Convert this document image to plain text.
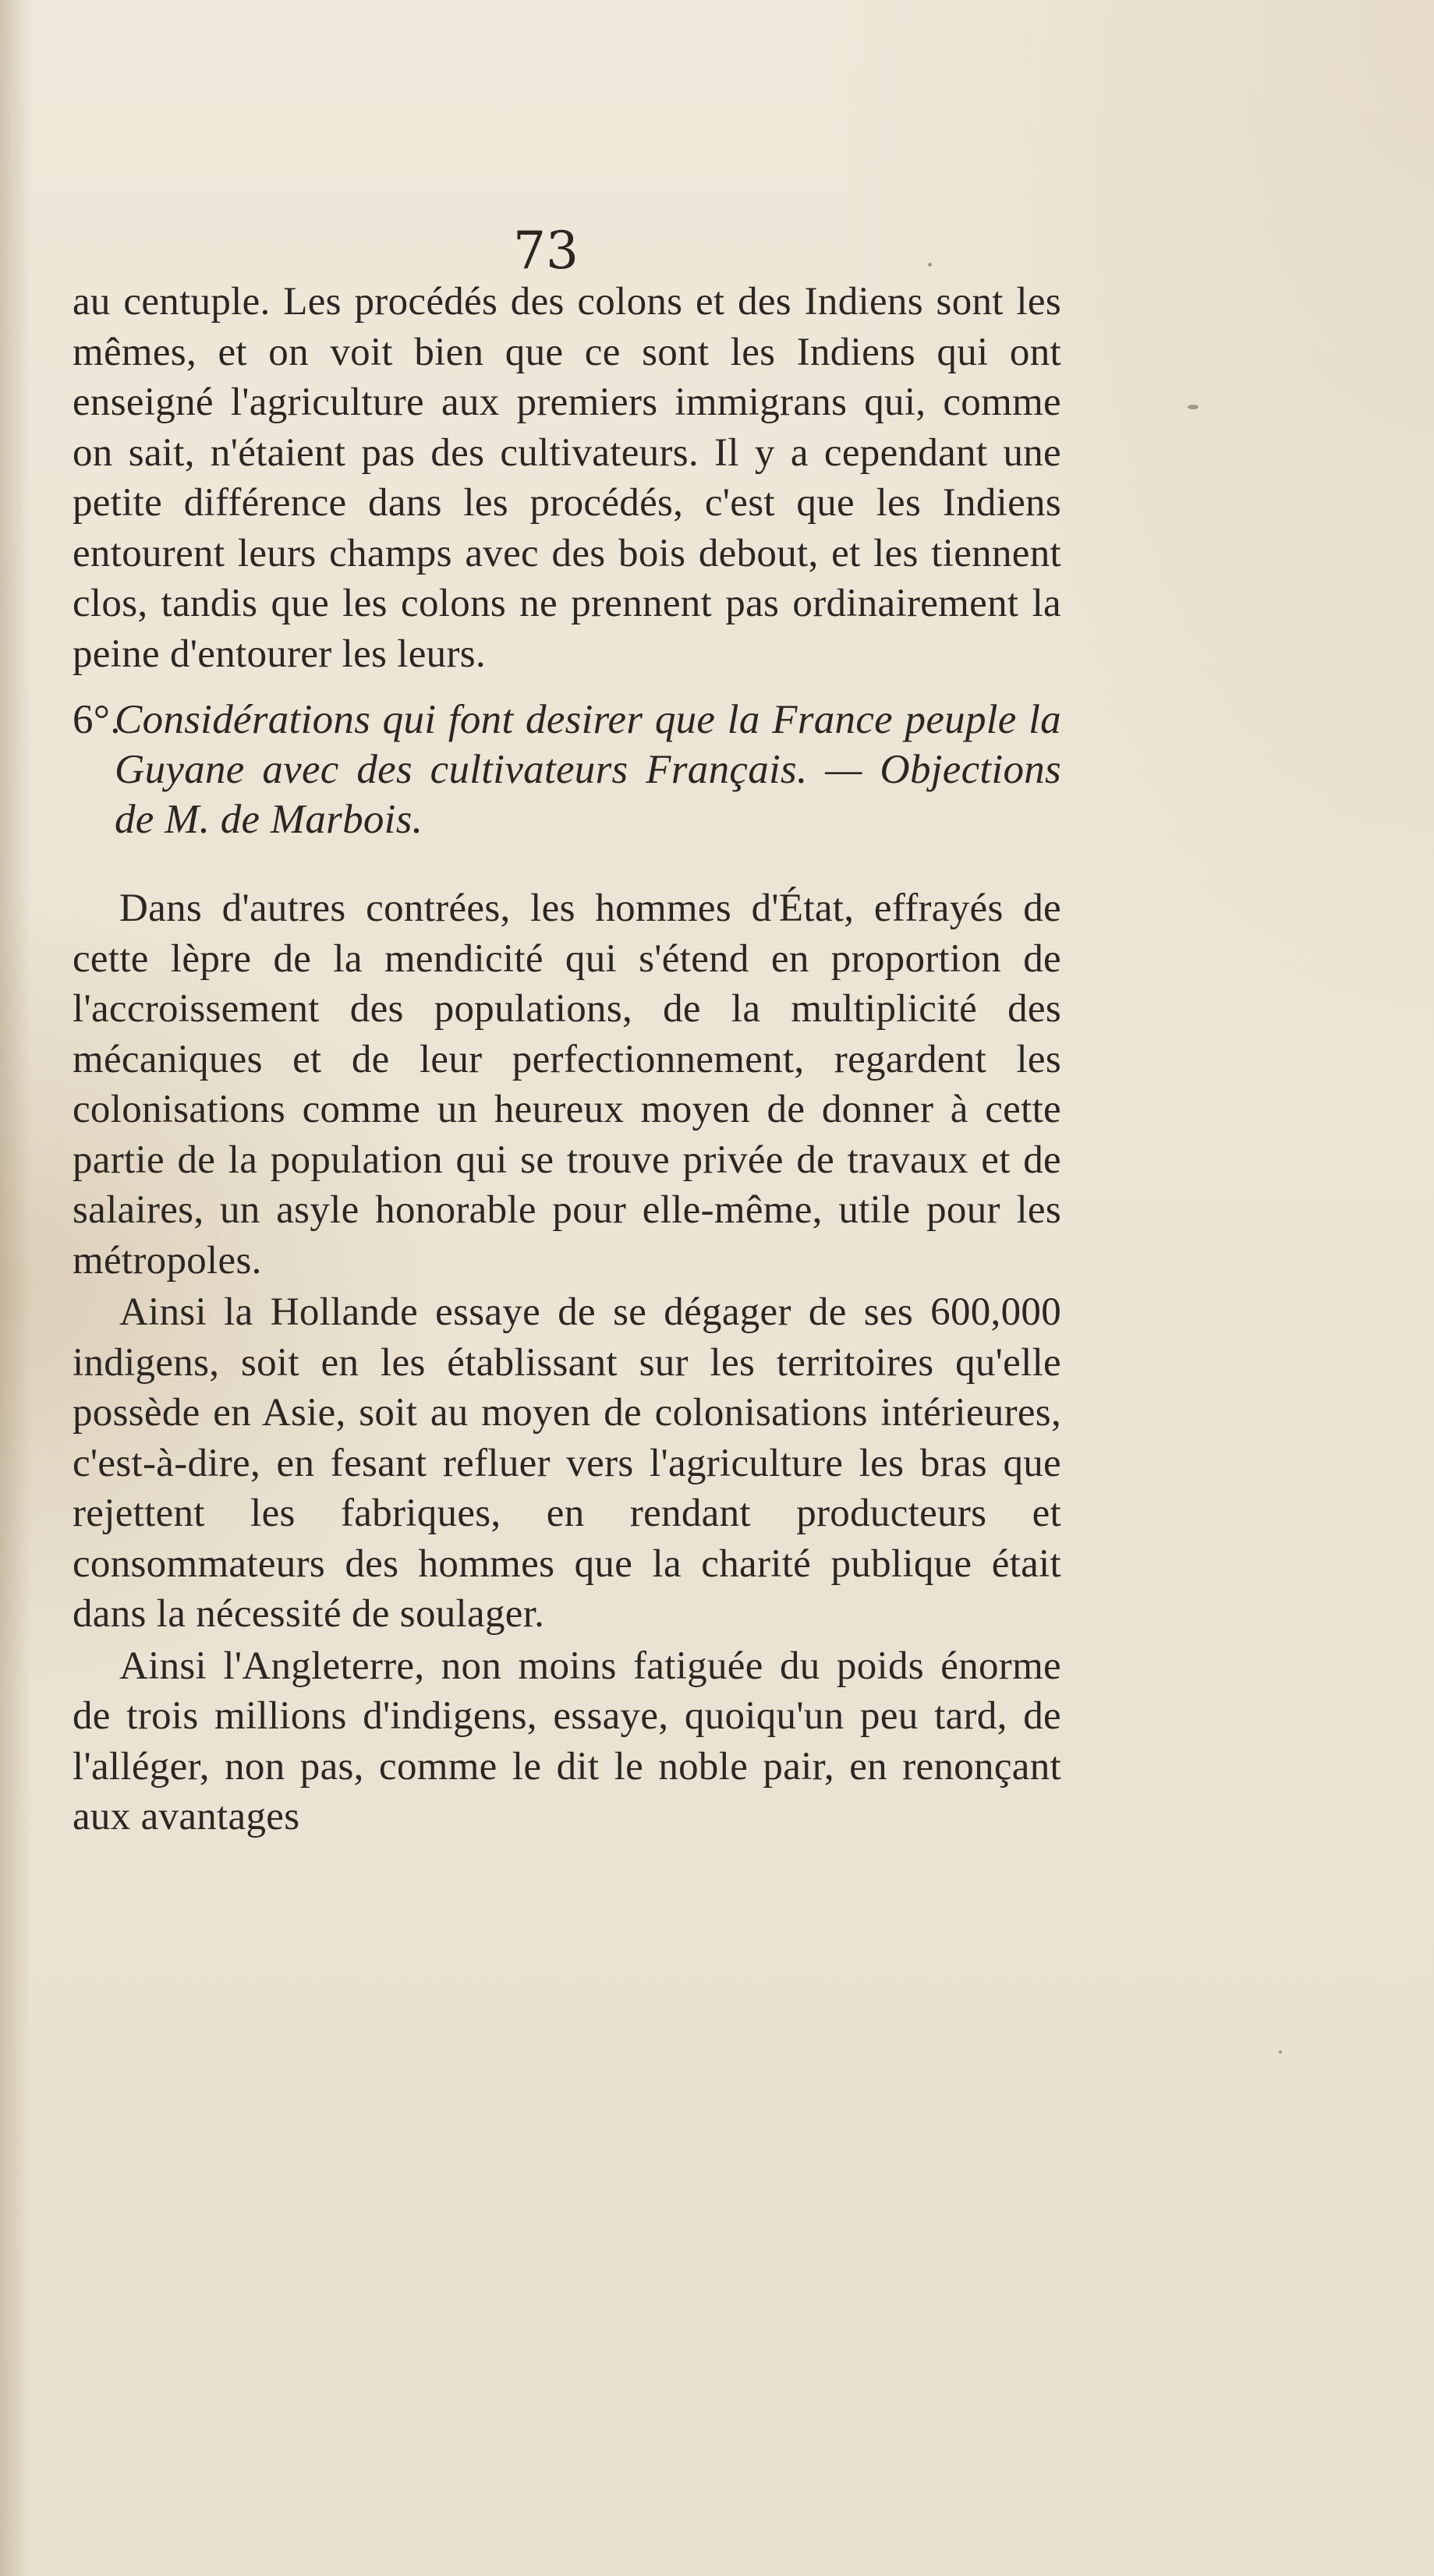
73

au centuple. Les procédés des colons et des Indiens sont les mêmes, et on voit bien que ce sont les Indiens qui ont enseigné l'agriculture aux premiers immigrans qui, comme on sait, n'étaient pas des cultivateurs. Il y a cependant une petite différence dans les procédés, c'est que les Indiens entourent leurs champs avec des bois debout, et les tiennent clos, tandis que les colons ne prennent pas ordinairement la peine d'entourer les leurs.

6°.
Considérations qui font desirer que la France peuple la Guyane avec des cultivateurs Français. — Objections de M. de Marbois.

Dans d'autres contrées, les hommes d'État, effrayés de cette lèpre de la mendicité qui s'étend en proportion de l'accroissement des populations, de la multiplicité des mécaniques et de leur perfectionnement, regardent les colonisations comme un heureux moyen de donner à cette partie de la population qui se trouve privée de travaux et de salaires, un asyle honorable pour elle-même, utile pour les métropoles.

Ainsi la Hollande essaye de se dégager de ses 600,000 indigens, soit en les établissant sur les territoires qu'elle possède en Asie, soit au moyen de colonisations intérieures, c'est-à-dire, en fesant refluer vers l'agriculture les bras que rejettent les fabriques, en rendant producteurs et consommateurs des hommes que la charité publique était dans la nécessité de soulager.

Ainsi l'Angleterre, non moins fatiguée du poids énorme de trois millions d'indigens, essaye, quoiqu'un peu tard, de l'alléger, non pas, comme le dit le noble pair, en renonçant aux avantages
